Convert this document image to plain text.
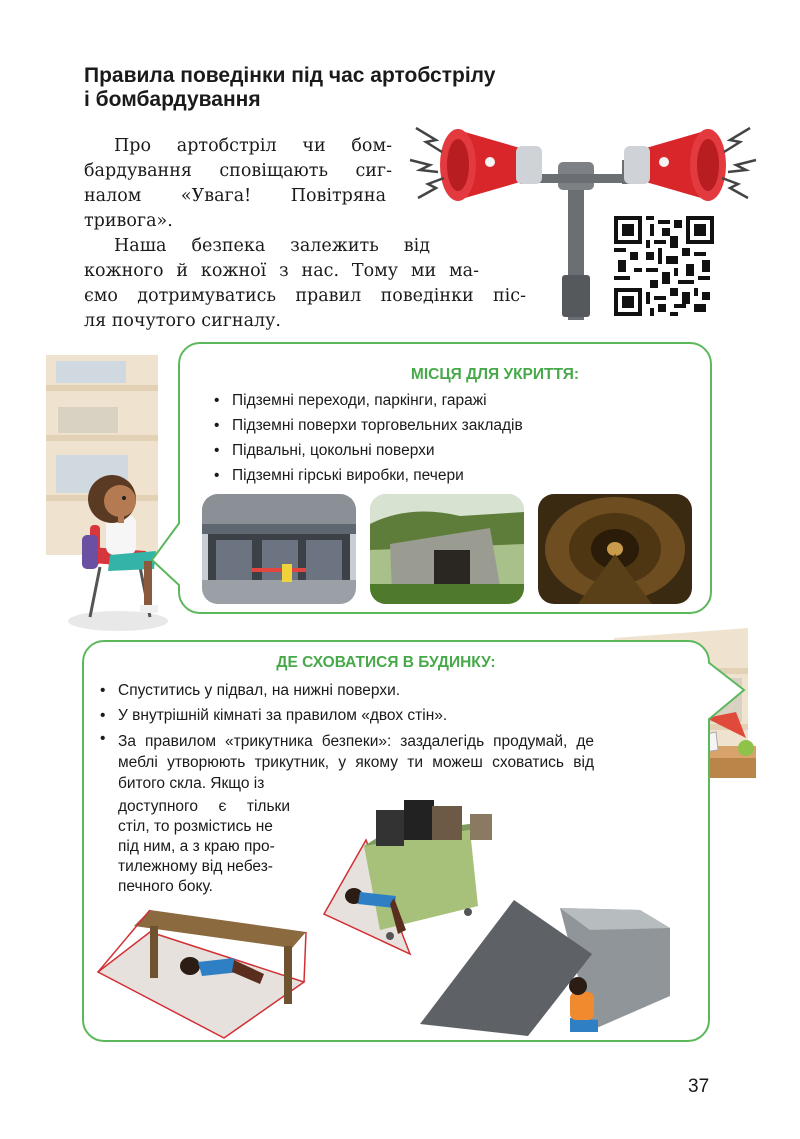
Правила поведінки під час артобстрілу
і бомбардування
Про артобстріл чи бом-
бардування сповіщають сиг-
налом «Увага! Повітряна
тривога».
Наша безпека залежить від
кожного й кожної з нас. Тому ми ма-
ємо дотримуватись правил поведінки піс-
ля почутого сигналу.
МІСЦЯ ДЛЯ УКРИТТЯ:
• Підземні переходи, паркінги, гаражі
• Підземні поверхи торговельних закладів
• Підвальні, цокольні поверхи
• Підземні гірські виробки, печери
ДЕ СХОВАТИСЯ В БУДИНКУ:
• Спуститись у підвал, на нижні поверхи.
• У внутрішній кімнаті за правилом «двох стін».
• За правилом «трикутника безпеки»: заздалегідь продумай, де меблі утворюють трикутник, у якому ти можеш сховатись від битого скла. Якщо із
доступного є тільки
стіл, то розмістись не
під ним, а з краю про-
тилежному від небез-
печного боку.
37
